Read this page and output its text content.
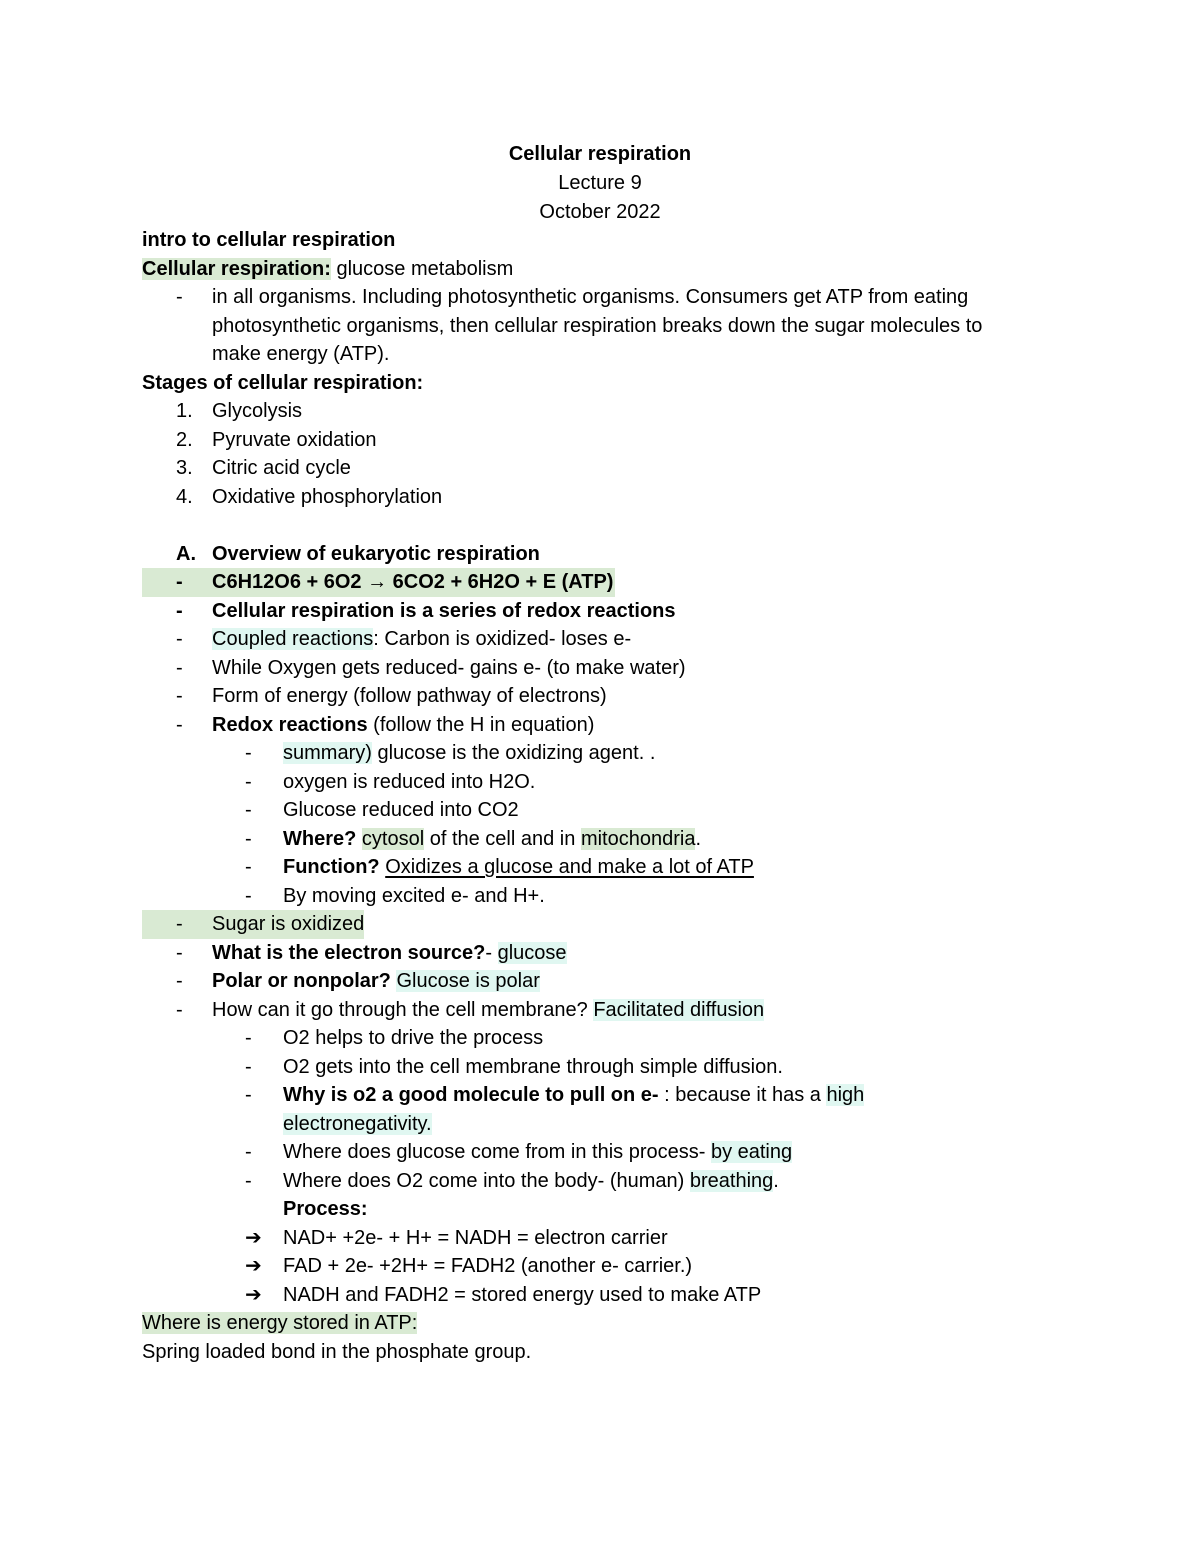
Cellular respiration
Lecture 9
October 2022
intro to cellular respiration
Cellular respiration: glucose metabolism
-	in all organisms. Including photosynthetic organisms. Consumers get ATP from eating
photosynthetic organisms, then cellular respiration breaks down the sugar molecules to
make energy (ATP).
Stages of cellular respiration:
1. Glycolysis
2. Pyruvate oxidation
3. Citric acid cycle
4. Oxidative phosphorylation
A. Overview of eukaryotic respiration
- C6H12O6 + 6O2 → 6CO2 + 6H2O + E (ATP)
-	Cellular respiration is a series of redox reactions
-	Coupled reactions: Carbon is oxidized- loses e-
-	While Oxygen gets reduced- gains e- (to make water)
-	Form of energy (follow pathway of electrons)
-	Redox reactions (follow the H in equation)
-	summary) glucose is the oxidizing agent. .
-	oxygen is reduced into H2O.
-	Glucose reduced into CO2
-	Where? cytosol of the cell and in mitochondria.
-	Function? Oxidizes a glucose and make a lot of ATP
-	By moving excited e- and H+.
- Sugar is oxidized
-	What is the electron source?- glucose
-	Polar or nonpolar? Glucose is polar
-	How can it go through the cell membrane? Facilitated diffusion
-	O2 helps to drive the process
-	O2 gets into the cell membrane through simple diffusion.
-	Why is o2 a good molecule to pull on e- : because it has a high
electronegativity.
-	Where does glucose come from in this process- by eating
-	Where does O2 come into the body- (human) breathing.
Process:
➔	NAD+ +2e- + H+ = NADH = electron carrier
➔	FAD + 2e- +2H+ = FADH2 (another e- carrier.)
➔	NADH and FADH2 = stored energy used to make ATP
Where is energy stored in ATP:
Spring loaded bond in the phosphate group.
